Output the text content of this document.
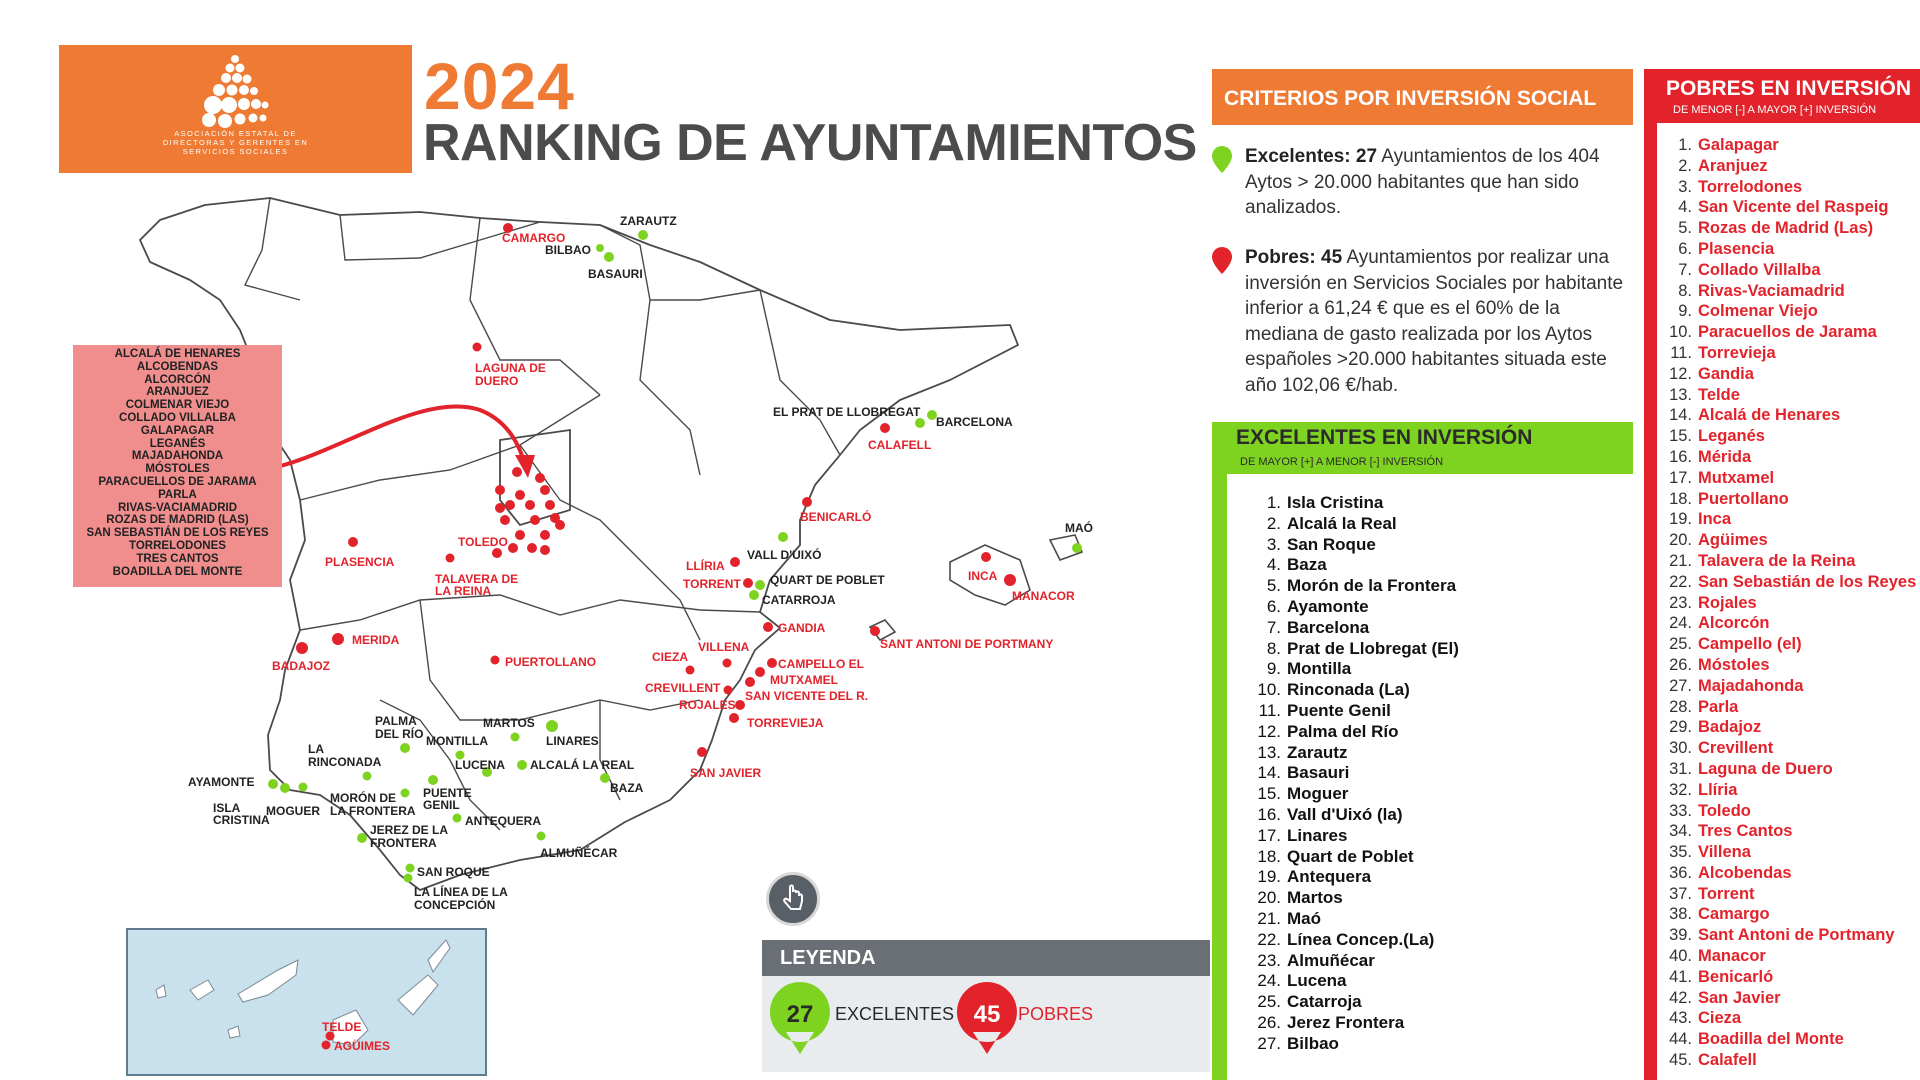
ASOCIACIÓN ESTATAL DE
DIRECTORAS Y GERENTES EN
SERVICIOS SOCIALES
2024
RANKING DE AYUNTAMIENTOS
CAMARGO
BILBAO
BASAURI
ZARAUTZ
LAGUNA DE
DUERO
EL PRAT DE LLOBREGAT
BARCELONA
CALAFELL
BENICARLÓ
VALL D'UIXÓ
LLÍRIA
QUART DE POBLET
TORRENT
CATARROJA
GANDIA
MAÓ
INCA
MANACOR
SANT ANTONI DE PORTMANY
CIEZA
VILLENA
CAMPELLO EL
MUTXAMEL
CREVILLENT
SAN VICENTE DEL R.
ROJALES
TORREVIEJA
SAN JAVIER
TOLEDO
TALAVERA DE
LA REINA
PLASENCIA
MERIDA
BADAJOZ	PUERTOLLANO
PALMA
DEL RÍO
MARTOS
LINARES
MONTILLA
LA
RINCONADA	LUCENA ALCALÁ LA REAL
BAZA
AYAMONTE
PUENTE
GENIL
ISLA
CRISTINA
MOGUER
MORÓN DE
LA FRONTERA
ANTEQUERA
JEREZ DE LA
FRONTERA
ALMUÑÉCAR
SAN ROQUE
LA LÍNEA DE LA
CONCEPCIÓN
ALCALÁ DE HENARES
ALCOBENDAS
ALCORCÓN
ARANJUEZ
COLMENAR VIEJO
COLLADO VILLALBA
GALAPAGAR
LEGANÉS
MAJADAHONDA
MÓSTOLES
PARACUELLOS DE JARAMA
PARLA
RIVAS-VACIAMADRID
ROZAS DE MADRID (LAS)
SAN SEBASTIÁN DE LOS REYES
TORRELODONES
TRES CANTOS
BOADILLA DEL MONTE
TELDE
AGÜIMES
LEYENDA
27 EXCELENTES 45 POBRES
CRITERIOS POR INVERSIÓN SOCIAL
Excelentes: 27 Ayuntamientos de los 404 Aytos > 20.000 habitantes que han sido analizados.
Pobres: 45 Ayuntamientos por realizar una inversión en Servicios Sociales por habitante inferior a 61,24 € que es el 60% de la mediana de gasto realizada por los Aytos españoles >20.000 habitantes situada este año 102,06 €/hab.
EXCELENTES EN INVERSIÓN
DE MAYOR [+] A MENOR [-] INVERSIÓN
1. Isla Cristina
2. Alcalá la Real
3. San Roque
4. Baza
5. Morón de la Frontera
6. Ayamonte
7. Barcelona
8. Prat de Llobregat (El)
9. Montilla
10. Rinconada (La)
11. Puente Genil
12. Palma del Río
13. Zarautz
14. Basauri
15. Moguer
16. Vall d'Uixó (la)
17. Linares
18. Quart de Poblet
19. Antequera
20. Martos
21. Maó
22. Línea Concep.(La)
23. Almuñécar
24. Lucena
25. Catarroja
26. Jerez Frontera
27. Bilbao
POBRES EN INVERSIÓN
DE MENOR [-] A MAYOR [+] INVERSIÓN
1. Galapagar
2. Aranjuez
3. Torrelodones
4. San Vicente del Raspeig
5. Rozas de Madrid (Las)
6. Plasencia
7. Collado Villalba
8. Rivas-Vaciamadrid
9. Colmenar Viejo
10. Paracuellos de Jarama
11. Torrevieja
12. Gandia
13. Telde
14. Alcalá de Henares
15. Leganés
16. Mérida
17. Mutxamel
18. Puertollano
19. Inca
20. Agüimes
21. Talavera de la Reina
22. San Sebastián de los Reyes
23. Rojales
24. Alcorcón
25. Campello (el)
26. Móstoles
27. Majadahonda
28. Parla
29. Badajoz
30. Crevillent
31. Laguna de Duero
32. Llíria
33. Toledo
34. Tres Cantos
35. Villena
36. Alcobendas
37. Torrent
38. Camargo
39. Sant Antoni de Portmany
40. Manacor
41. Benicarló
42. San Javier
43. Cieza
44. Boadilla del Monte
45. Calafell
